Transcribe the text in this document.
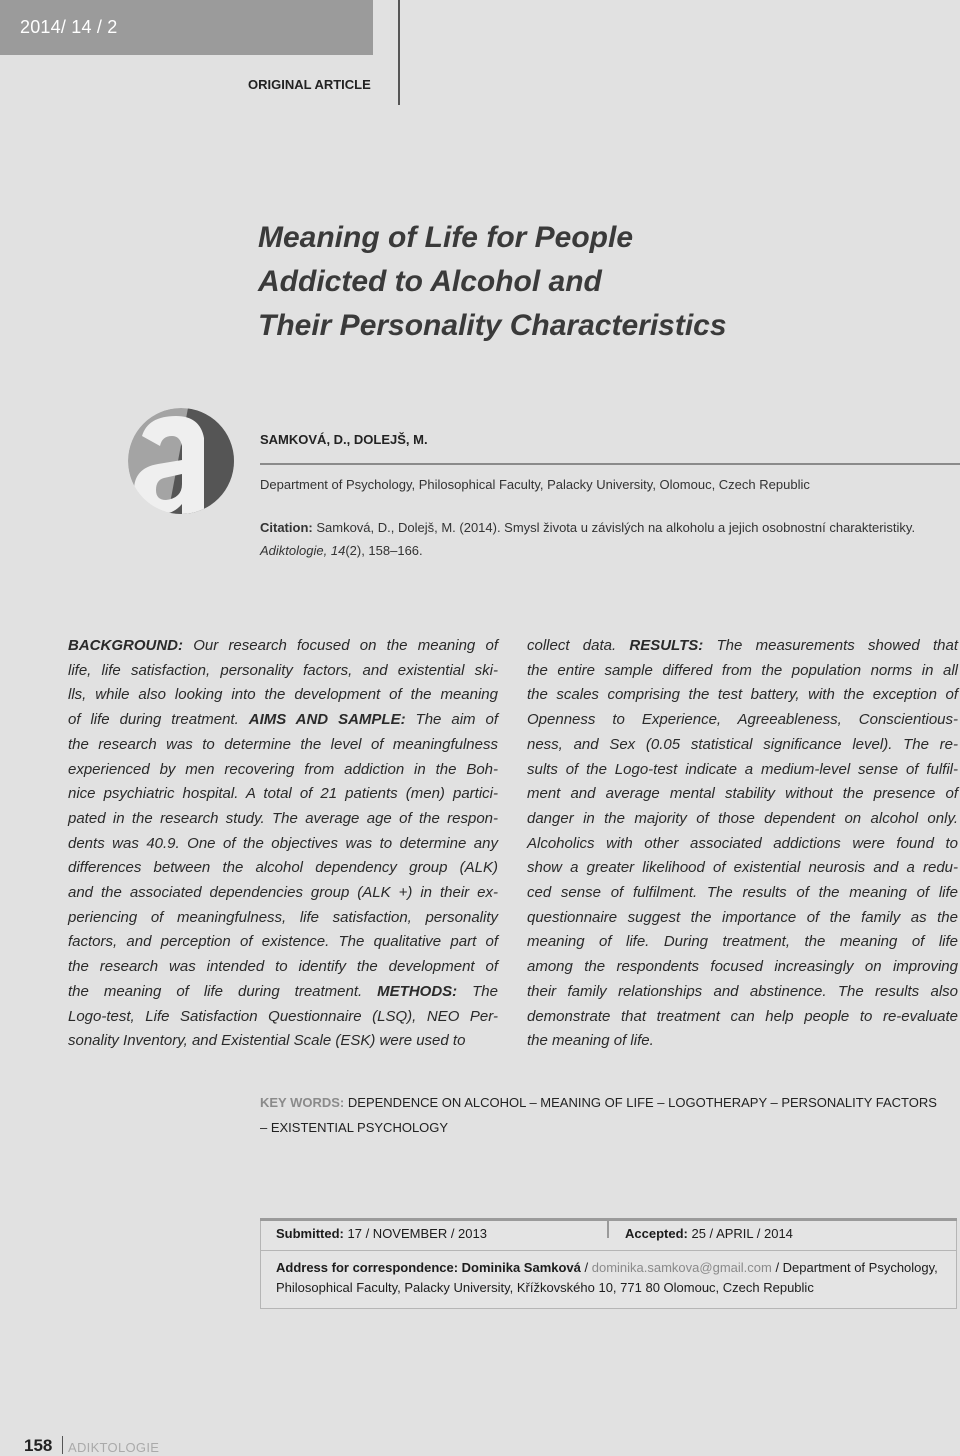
2014/ 14 / 2
ORIGINAL ARTICLE
Meaning of Life for People
Addicted to Alcohol and
Their Personality Characteristics
SAMKOVÁ, D., DOLEJŠ, M.
Department of Psychology, Philosophical Faculty, Palacky University, Olomouc, Czech Republic
Citation: Samková, D., Dolejš, M. (2014). Smysl života u závislých na alkoholu a jejich osobnostní charakteristiky.
Adiktologie, 14(2), 158–166.
BACKGROUND: Our research focused on the meaning of
life, life satisfaction, personality factors, and existential ski-
lls, while also looking into the development of the meaning
of life during treatment. AIMS AND SAMPLE: The aim of
the research was to determine the level of meaningfulness
experienced by men recovering from addiction in the Boh-
nice psychiatric hospital. A total of 21 patients (men) partici-
pated in the research study. The average age of the respon-
dents was 40.9. One of the objectives was to determine any
differences between the alcohol dependency group (ALK)
and the associated dependencies group (ALK +) in their ex-
periencing of meaningfulness, life satisfaction, personality
factors, and perception of existence. The qualitative part of
the research was intended to identify the development of
the meaning of life during treatment. METHODS: The
Logo-test, Life Satisfaction Questionnaire (LSQ), NEO Per-
sonality Inventory, and Existential Scale (ESK) were used to
collect data. RESULTS: The measurements showed that
the entire sample differed from the population norms in all
the scales comprising the test battery, with the exception of
Openness to Experience, Agreeableness, Conscientious-
ness, and Sex (0.05 statistical significance level). The re-
sults of the Logo-test indicate a medium-level sense of fulfil-
ment and average mental stability without the presence of
danger in the majority of those dependent on alcohol only.
Alcoholics with other associated addictions were found to
show a greater likelihood of existential neurosis and a redu-
ced sense of fulfilment. The results of the meaning of life
questionnaire suggest the importance of the family as the
meaning of life. During treatment, the meaning of life
among the respondents focused increasingly on improving
their family relationships and abstinence. The results also
demonstrate that treatment can help people to re-evaluate
the meaning of life.
KEY WORDS: DEPENDENCE ON ALCOHOL – MEANING OF LIFE – LOGOTHERAPY – PERSONALITY FACTORS – EXISTENTIAL PSYCHOLOGY
Submitted: 17 / NOVEMBER / 2013	Accepted: 25 / APRIL / 2014
Address for correspondence: Dominika Samková / dominika.samkova@gmail.com / Department of Psychology, Philosophical Faculty, Palacky University, Křížkovského 10, 771 80 Olomouc, Czech Republic
158 ADIKTOLOGIE
